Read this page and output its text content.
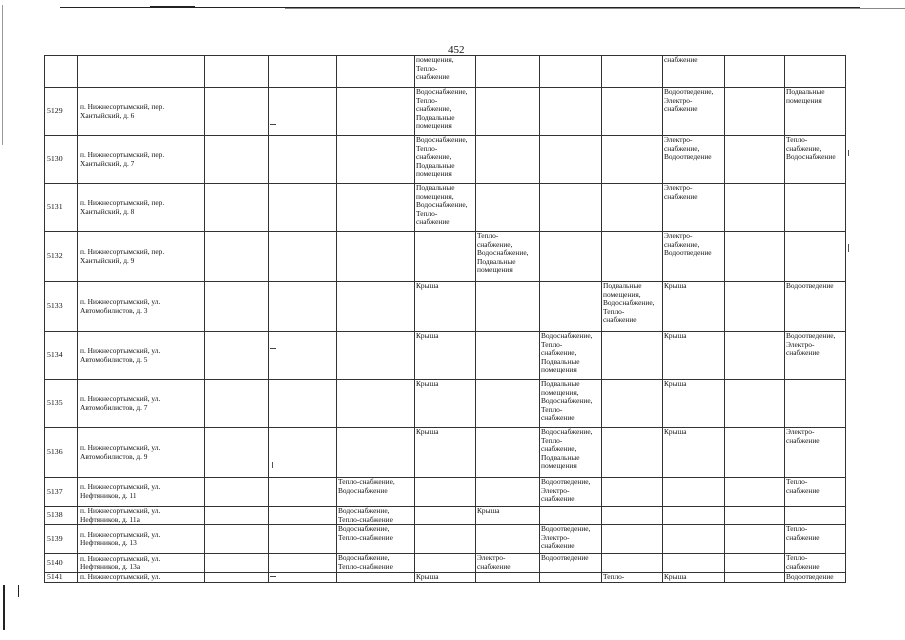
452
					помещения,
Тепло-
снабжение				снабжение		
5129	п. Нижнесортымский, пер.
Хантыйский, д. 6				Водоснабжение,
Тепло-
снабжение,
Подвальные
помещения				Водоотведение,
Электро-
снабжение		Подвальные
помещения
5130	п. Нижнесортымский, пер.
Хантыйский, д. 7				Водоснабжение,
Тепло-
снабжение,
Подвальные
помещения				Электро-
снабжение,
Водоотведение		Тепло-
снабжение,
Водоснабжение
5131	п. Нижнесортымский, пер.
Хантыйский, д. 8				Подвальные
помещения,
Водоснабжение,
Тепло-
снабжение				Электро-
снабжение		
5132	п. Нижнесортымский, пер.
Хантыйский, д. 9					Тепло-
снабжение,
Водоснабжение,
Подвальные
помещения			Электро-
снабжение,
Водоотведение		
5133	п. Нижнесортымский, ул.
Автомобилистов, д. 3				Крыша			Подвальные
помещения,
Водоснабжение,
Тепло-
снабжение	Крыша		Водоотведение
5134	п. Нижнесортымский, ул.
Автомобилистов, д. 5				Крыша		Водоснабжение,
Тепло-
снабжение,
Подвальные
помещения		Крыша		Водоотведение,
Электро-
снабжение
5135	п. Нижнесортымский, ул.
Автомобилистов, д. 7				Крыша		Подвальные
помещения,
Водоснабжение,
Тепло-
снабжение		Крыша		
5136	п. Нижнесортымский, ул.
Автомобилистов, д. 9				Крыша		Водоснабжение,
Тепло-
снабжение,
Подвальные
помещения		Крыша		Электро-
снабжение
5137	п. Нижнесортымский, ул.
Нефтяников, д. 11			Тепло-снабжение,
Водоснабжение			Водоотведение,
Электро-
снабжение				Тепло-
снабжение
5138	п. Нижнесортымский, ул.
Нефтяников, д. 11а			Водоснабжение,
Тепло-снабжение		Крыша					
5139	п. Нижнесортымский, ул.
Нефтяников, д. 13			Водоснабжение,
Тепло-снабжение			Водоотведение,
Электро-
снабжение				Тепло-
снабжение
5140	п. Нижнесортымский, ул.
Нефтяников, д. 13а			Водоснабжение,
Тепло-снабжение		Электро-
снабжение	Водоотведение				Тепло-
снабжение
5141	п. Нижнесортымский, ул.				Крыша			Тепло-	Крыша		Водоотведение
